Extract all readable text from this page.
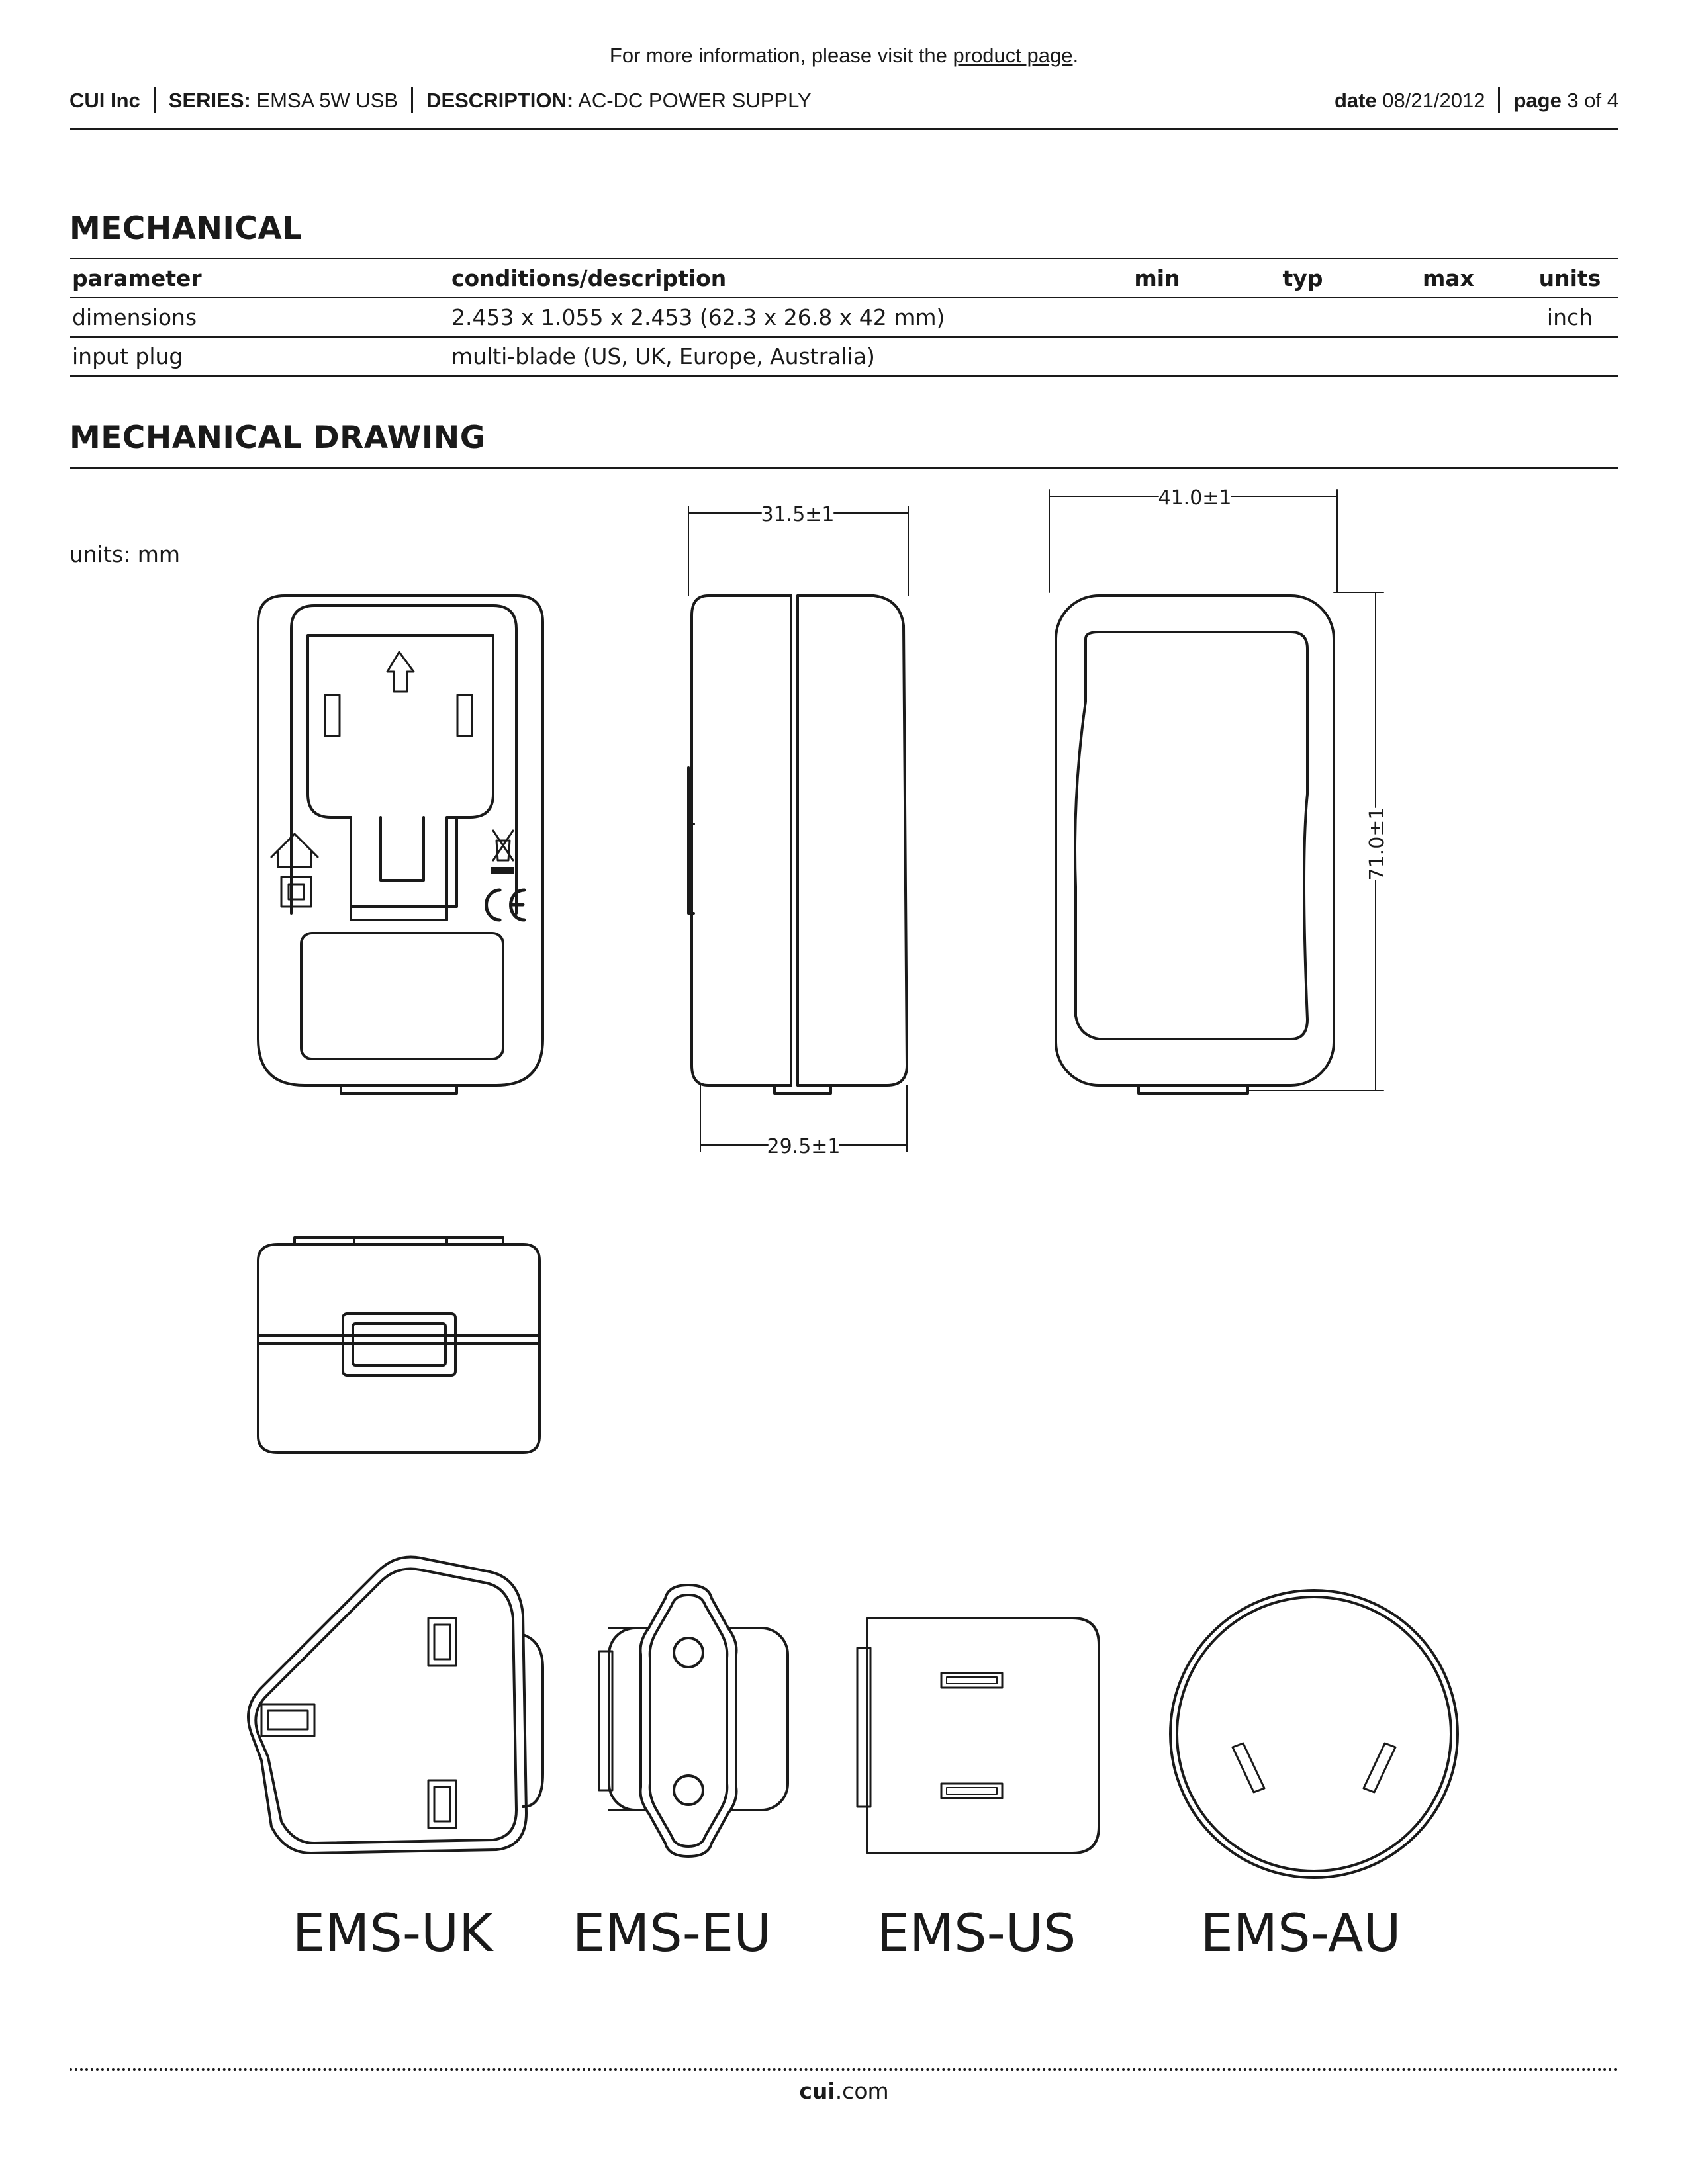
For more information, please visit the product page.
CUI Inc SERIES: EMSA 5W USB DESCRIPTION: AC-DC POWER SUPPLY	date 08/21/2012 page 3 of 4
MECHANICAL
parameter	conditions/description	min	typ	max	units
dimensions	2.453 x 1.055 x 2.453 (62.3 x 26.8 x 42 mm)				inch
input plug	multi-blade (US, UK, Europe, Australia)				
MECHANICAL DRAWING
units: mm
31.5±1
29.5±1
41.0±1
71.0±1
EMS-UK EMS-EU EMS-US EMS-AU
cui.com
